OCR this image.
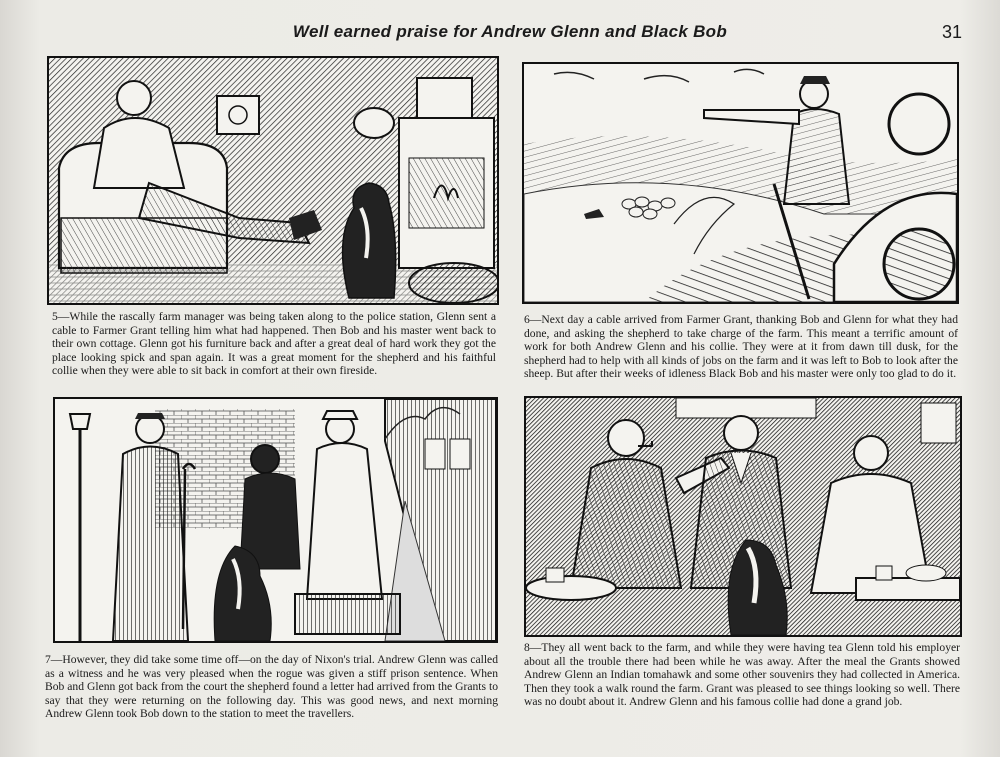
Well earned praise for Andrew Glenn and Black Bob	31
5—While the rascally farm manager was being taken along to the police station, Glenn sent a cable to Farmer Grant telling him what had happened. Then Bob and his master went back to their own cottage. Glenn got his furniture back and after a great deal of hard work they got the place looking spick and span again. It was a great moment for the shepherd and his faithful collie when they were able to sit back in comfort at their own fireside.
6—Next day a cable arrived from Farmer Grant, thanking Bob and Glenn for what they had done, and asking the shepherd to take charge of the farm. This meant a terrific amount of work for both Andrew Glenn and his collie. They were at it from dawn till dusk, for the shepherd had to help with all kinds of jobs on the farm and it was left to Bob to look after the sheep. But after their weeks of idleness Black Bob and his master were only too glad to do it.
7—However, they did take some time off—on the day of Nixon's trial. Andrew Glenn was called as a witness and he was very pleased when the rogue was given a stiff prison sentence. When Bob and Glenn got back from the court the shepherd found a letter had arrived from the Grants to say that they were returning on the following day. This was good news, and next morning Andrew Glenn took Bob down to the station to meet the travellers.
8—They all went back to the farm, and while they were having tea Glenn told his employer about all the trouble there had been while he was away. After the meal the Grants showed Andrew Glenn an Indian tomahawk and some other souvenirs they had collected in America. Then they took a walk round the farm. Grant was pleased to see things looking so well. There was no doubt about it. Andrew Glenn and his famous collie had done a grand job.
